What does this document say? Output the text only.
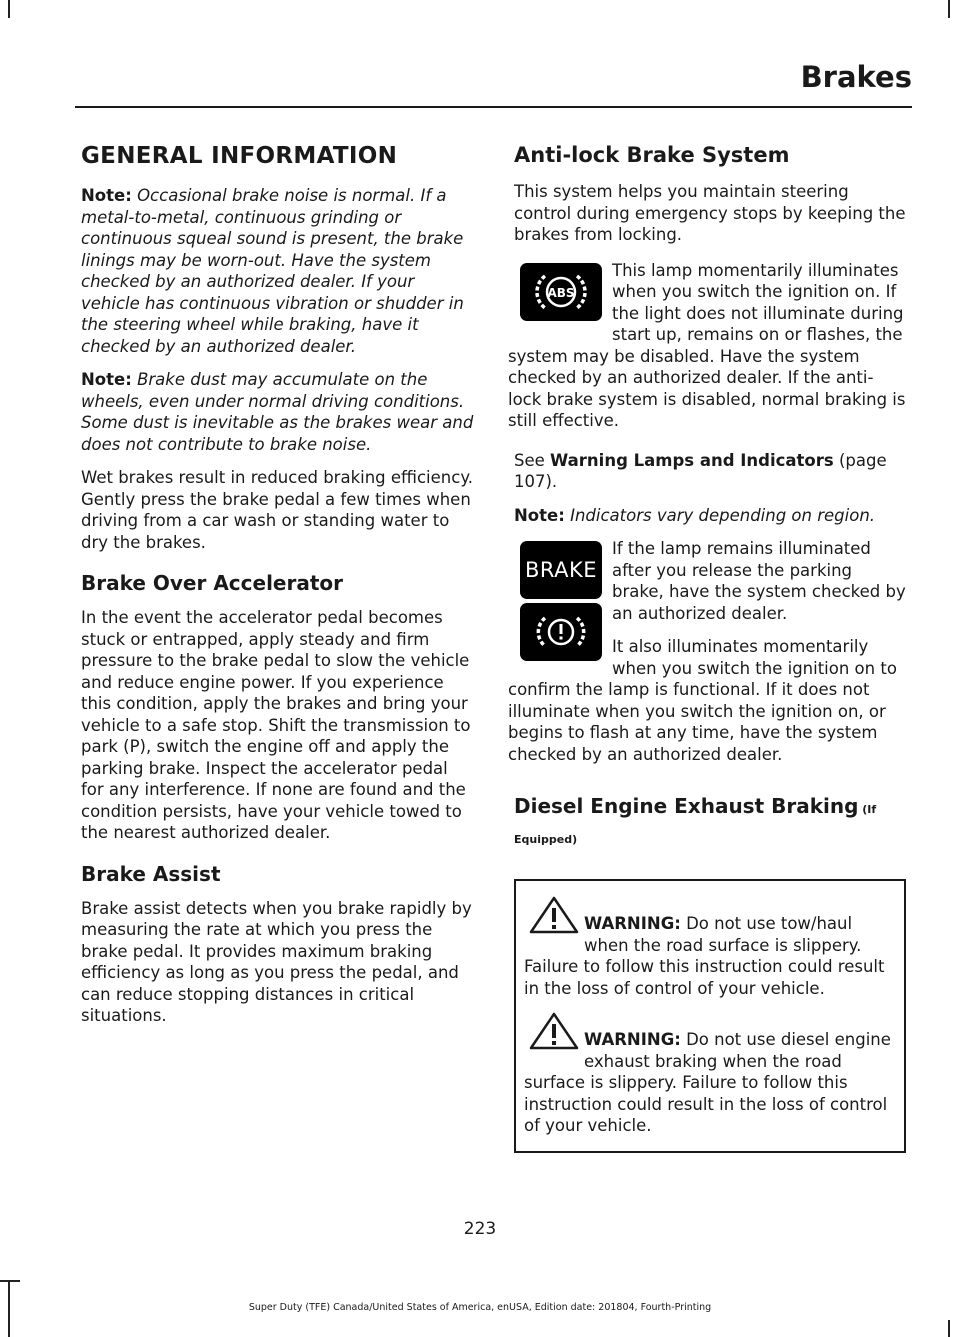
Brakes
GENERAL INFORMATION

Note: Occasional brake noise is normal. If a metal-to-metal, continuous grinding or continuous squeal sound is present, the brake linings may be worn-out. Have the system checked by an authorized dealer. If your vehicle has continuous vibration or shudder in the steering wheel while braking, have it checked by an authorized dealer.

Note: Brake dust may accumulate on the wheels, even under normal driving conditions. Some dust is inevitable as the brakes wear and does not contribute to brake noise.

Wet brakes result in reduced braking efficiency. Gently press the brake pedal a few times when driving from a car wash or standing water to dry the brakes.

Brake Over Accelerator

In the event the accelerator pedal becomes stuck or entrapped, apply steady and firm pressure to the brake pedal to slow the vehicle and reduce engine power. If you experience this condition, apply the brakes and bring your vehicle to a safe stop. Shift the transmission to park (P), switch the engine off and apply the parking brake. Inspect the accelerator pedal for any interference. If none are found and the condition persists, have your vehicle towed to the nearest authorized dealer.

Brake Assist

Brake assist detects when you brake rapidly by measuring the rate at which you press the brake pedal. It provides maximum braking efficiency as long as you press the pedal, and can reduce stopping distances in critical situations.

Anti-lock Brake System

This system helps you maintain steering control during emergency stops by keeping the brakes from locking.

ABS

This lamp momentarily illuminates when you switch the ignition on. If the light does not illuminate during start up, remains on or flashes, the system may be disabled. Have the system checked by an authorized dealer. If the anti-lock brake system is disabled, normal braking is still effective.

See Warning Lamps and Indicators (page 107).

Note: Indicators vary depending on region.

BRAKE

If the lamp remains illuminated after you release the parking brake, have the system checked by an authorized dealer.

It also illuminates momentarily when you switch the ignition on to confirm the lamp is functional. If it does not illuminate when you switch the ignition on, or begins to flash at any time, have the system checked by an authorized dealer.

Diesel Engine Exhaust Braking (If Equipped)

WARNING: Do not use tow/haul when the road surface is slippery. Failure to follow this instruction could result in the loss of control of your vehicle.

WARNING: Do not use diesel engine exhaust braking when the road surface is slippery. Failure to follow this instruction could result in the loss of control of your vehicle.

223
Super Duty (TFE) Canada/United States of America, enUSA, Edition date: 201804, Fourth-Printing
